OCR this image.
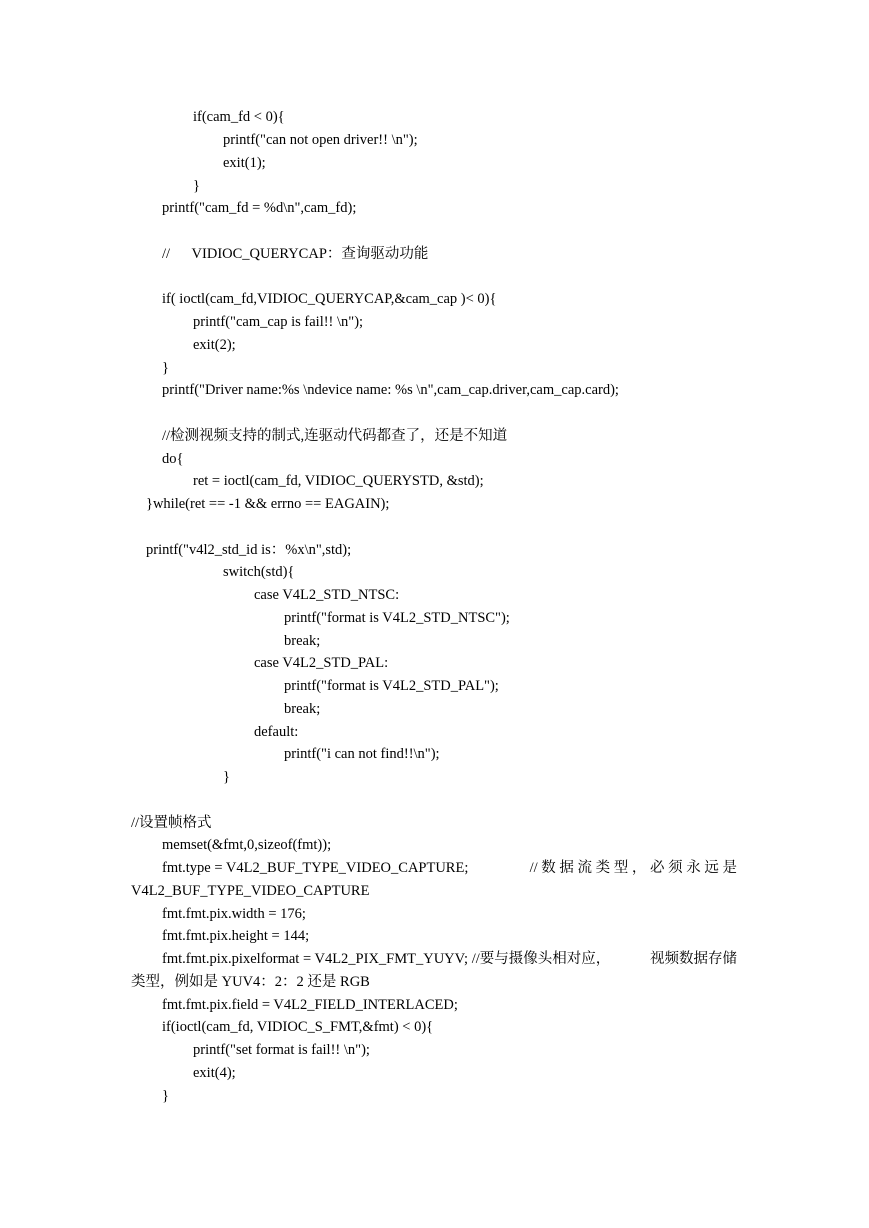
if(cam_fd < 0){
printf("can not open driver!! \n");
exit(1);
}
printf("cam_fd = %d\n",cam_fd);
//      VIDIOC_QUERYCAP：查询驱动功能
if( ioctl(cam_fd,VIDIOC_QUERYCAP,&cam_cap )< 0){
printf("cam_cap is fail!! \n");
exit(2);
}
printf("Driver name:%s \ndevice name: %s \n",cam_cap.driver,cam_cap.card);
//检测视频支持的制式,连驱动代码都查了，还是不知道
do{
ret = ioctl(cam_fd, VIDIOC_QUERYSTD, &std);
}while(ret == -1 && errno == EAGAIN);
printf("v4l2_std_id is：%x\n",std);
switch(std){
case V4L2_STD_NTSC:
printf("format is V4L2_STD_NTSC");
break;
case V4L2_STD_PAL:
printf("format is V4L2_STD_PAL");
break;
default:
printf("i can not find!!\n");
}
//设置帧格式
memset(&fmt,0,sizeof(fmt));
fmt.type = V4L2_BUF_TYPE_VIDEO_CAPTURE;	// 数 据 流 类 型 ， 必 须 永 远 是
V4L2_BUF_TYPE_VIDEO_CAPTURE
fmt.fmt.pix.width = 176;
fmt.fmt.pix.height = 144;
fmt.fmt.pix.pixelformat = V4L2_PIX_FMT_YUYV; //要与摄像头相对应，	视频数据存储
类型，例如是 YUV4：2：2 还是 RGB
fmt.fmt.pix.field = V4L2_FIELD_INTERLACED;
if(ioctl(cam_fd, VIDIOC_S_FMT,&fmt) < 0){
printf("set format is fail!! \n");
exit(4);
}
